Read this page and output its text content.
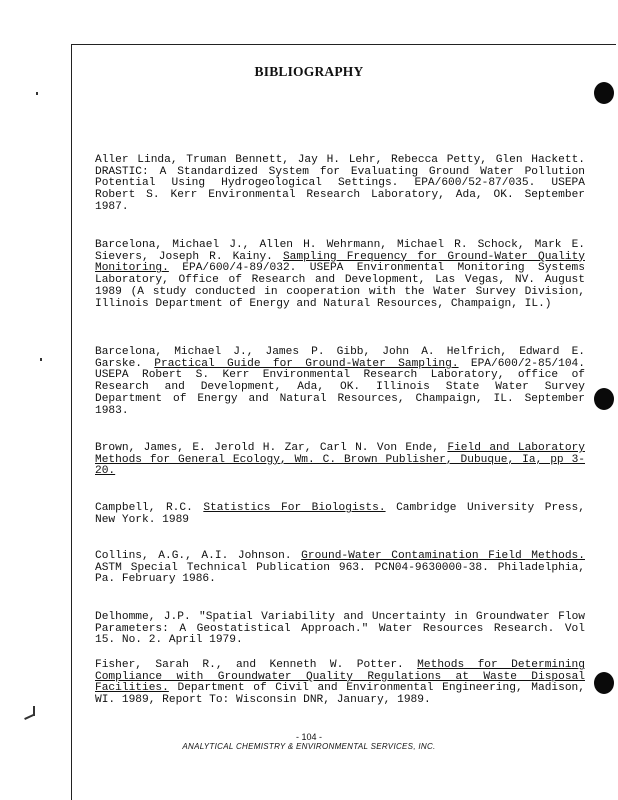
BIBLIOGRAPHY

Aller Linda, Truman Bennett, Jay H. Lehr, Rebecca Petty, Glen Hackett. DRASTIC: A Standardized System for Evaluating Ground Water Pollution Potential Using Hydrogeological Settings. EPA/600/52-87/035. USEPA Robert S. Kerr Environmental Research Laboratory, Ada, OK. September 1987.

Barcelona, Michael J., Allen H. Wehrmann, Michael R. Schock, Mark E. Sievers, Joseph R. Kainy. Sampling Frequency for Ground-Water Quality Monitoring. EPA/600/4-89/032. USEPA Environmental Monitoring Systems Laboratory, Office of Research and Development, Las Vegas, NV. August 1989 (A study conducted in cooperation with the Water Survey Division, Illinois Department of Energy and Natural Resources, Champaign, IL.)

Barcelona, Michael J., James P. Gibb, John A. Helfrich, Edward E. Garske. Practical Guide for Ground-Water Sampling. EPA/600/2-85/104. USEPA Robert S. Kerr Environmental Research Laboratory, office of Research and Development, Ada, OK. Illinois State Water Survey Department of Energy and Natural Resources, Champaign, IL. September 1983.

Brown, James, E. Jerold H. Zar, Carl N. Von Ende, Field and Laboratory Methods for General Ecology, Wm. C. Brown Publisher, Dubuque, Ia, pp 3-20.

Campbell, R.C. Statistics For Biologists. Cambridge University Press, New York. 1989

Collins, A.G., A.I. Johnson. Ground-Water Contamination Field Methods. ASTM Special Technical Publication 963. PCN04-9630000-38. Philadelphia, Pa. February 1986.

Delhomme, J.P. "Spatial Variability and Uncertainty in Groundwater Flow Parameters: A Geostatistical Approach." Water Resources Research. Vol 15. No. 2. April 1979.

Fisher, Sarah R., and Kenneth W. Potter. Methods for Determining Compliance with Groundwater Quality Regulations at Waste Disposal Facilities. Department of Civil and Environmental Engineering, Madison, WI. 1989, Report To: Wisconsin DNR, January, 1989.

- 104 -
ANALYTICAL CHEMISTRY & ENVIRONMENTAL SERVICES, INC.
